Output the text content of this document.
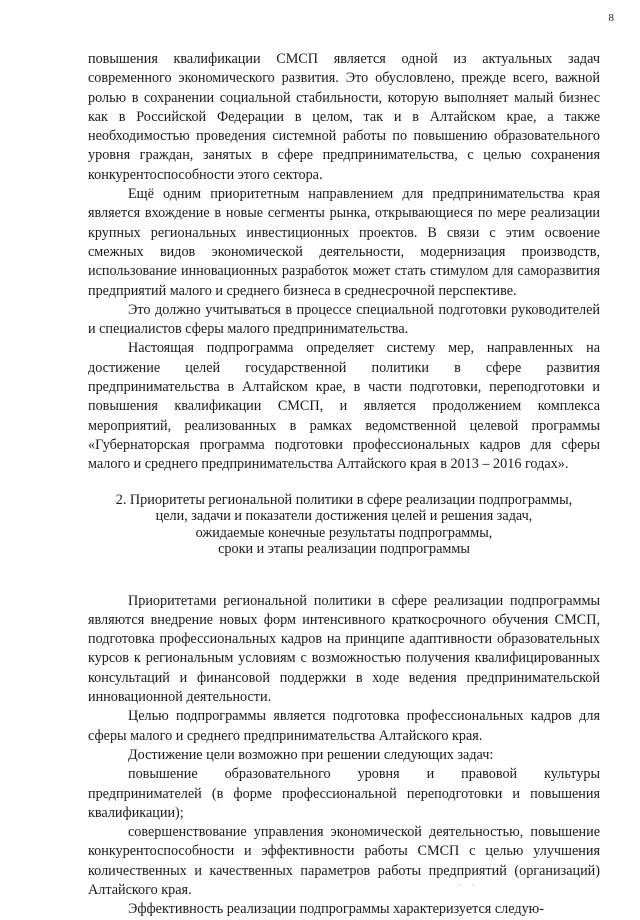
8

повышения квалификации СМСП является одной из актуальных задач современного экономического развития. Это обусловлено, прежде всего, важной ролью в сохранении социальной стабильности, которую выполняет малый бизнес как в Российской Федерации в целом, так и в Алтайском крае, а также необходимостью проведения системной работы по повышению образовательного уровня граждан, занятых в сфере предпринимательства, с целью сохранения конкурентоспособности этого сектора.

Ещё одним приоритетным направлением для предпринимательства края является вхождение в новые сегменты рынка, открывающиеся по мере реализации крупных региональных инвестиционных проектов. В связи с этим освоение смежных видов экономической деятельности, модернизация производств, использование инновационных разработок может стать стимулом для саморазвития предприятий малого и среднего бизнеса в среднесрочной перспективе.

Это должно учитываться в процессе специальной подготовки руководителей и специалистов сферы малого предпринимательства.

Настоящая подпрограмма определяет систему мер, направленных на достижение целей государственной политики в сфере развития предпринимательства в Алтайском крае, в части подготовки, переподготовки и повышения квалификации СМСП, и является продолжением комплекса мероприятий, реализованных в рамках ведомственной целевой программы «Губернаторская программа подготовки профессиональных кадров для сферы малого и среднего предпринимательства Алтайского края в 2013 – 2016 годах».

2. Приоритеты региональной политики в сфере реализации подпрограммы,
цели, задачи и показатели достижения целей и решения задач,
ожидаемые конечные результаты подпрограммы,
сроки и этапы реализации подпрограммы

Приоритетами региональной политики в сфере реализации подпрограммы являются внедрение новых форм интенсивного краткосрочного обучения СМСП, подготовка профессиональных кадров на принципе адаптивности образовательных курсов к региональным условиям с возможностью получения квалифицированных консультаций и финансовой поддержки в ходе ведения предпринимательской инновационной деятельности.

Целью подпрограммы является подготовка профессиональных кадров для сферы малого и среднего предпринимательства Алтайского края.

Достижение цели возможно при решении следующих задач:

повышение образовательного уровня и правовой культуры предпринимателей (в форме профессиональной переподготовки и повышения квалификации);

совершенствование управления экономической деятельностью, повышение конкурентоспособности и эффективности работы СМСП с целью улучшения количественных и качественных параметров работы предприятий (организаций) Алтайского края.

Эффективность реализации подпрограммы характеризуется следую-

·  ·
